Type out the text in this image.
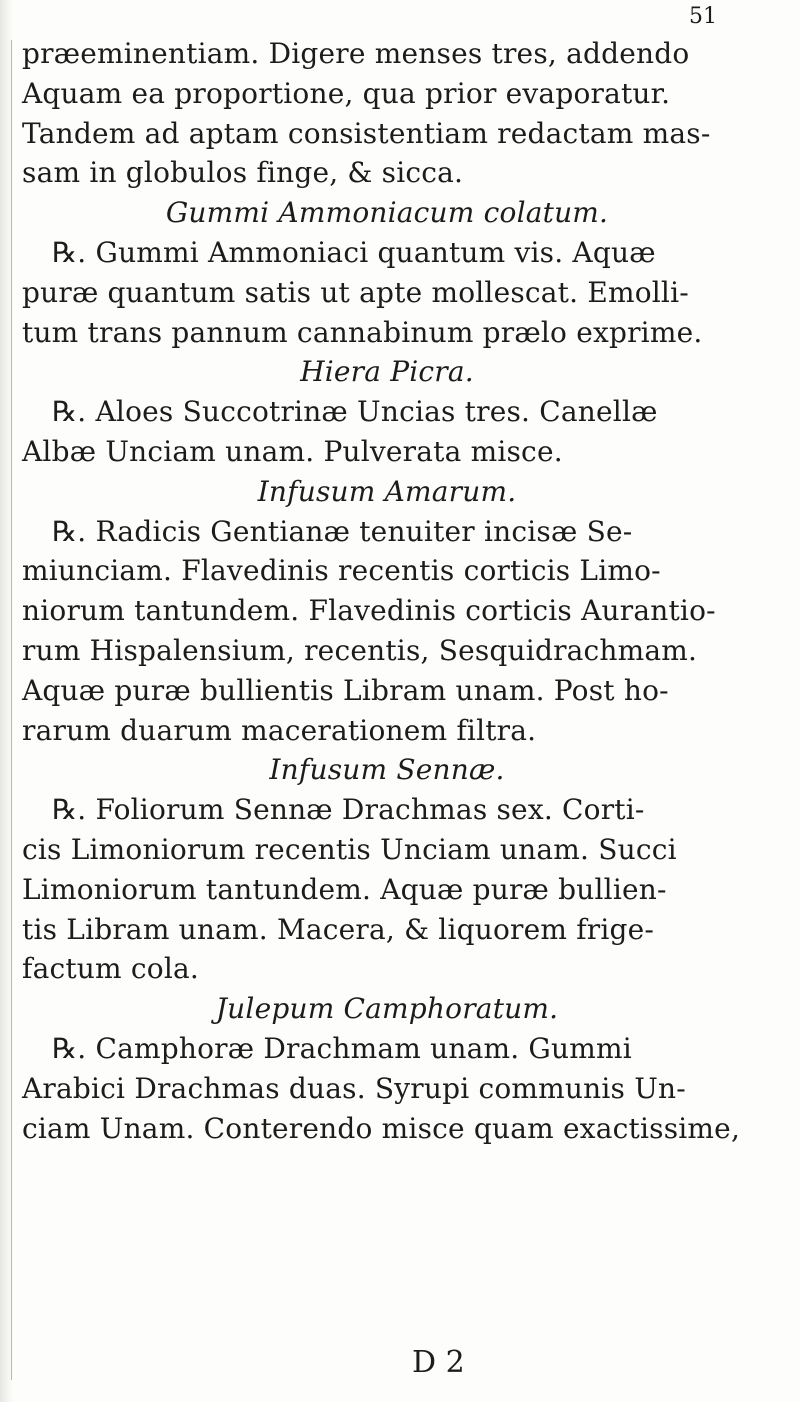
51
præeminentiam. Digere menses tres, addendo
Aquam ea proportione, qua prior evaporatur.
Tandem ad aptam consistentiam redactam mas-
sam in globulos finge, & sicca.
Gummi Ammoniacum colatum.
℞. Gummi Ammoniaci quantum vis. Aquæ
puræ quantum satis ut apte mollescat. Emolli-
tum trans pannum cannabinum prælo exprime.
Hiera Picra.
℞. Aloes Succotrinæ Uncias tres. Canellæ
Albæ Unciam unam. Pulverata misce.
Infusum Amarum.
℞. Radicis Gentianæ tenuiter incisæ Se-
miunciam. Flavedinis recentis corticis Limo-
niorum tantundem. Flavedinis corticis Aurantio-
rum Hispalensium, recentis, Sesquidrachmam.
Aquæ puræ bullientis Libram unam. Post ho-
rarum duarum macerationem filtra.
Infusum Sennæ.
℞. Foliorum Sennæ Drachmas sex. Corti-
cis Limoniorum recentis Unciam unam. Succi
Limoniorum tantundem. Aquæ puræ bullien-
tis Libram unam. Macera, & liquorem frige-
factum cola.
Julepum Camphoratum.
℞. Camphoræ Drachmam unam. Gummi
Arabici Drachmas duas. Syrupi communis Un-
ciam Unam. Conterendo misce quam exactissime,
D 2
